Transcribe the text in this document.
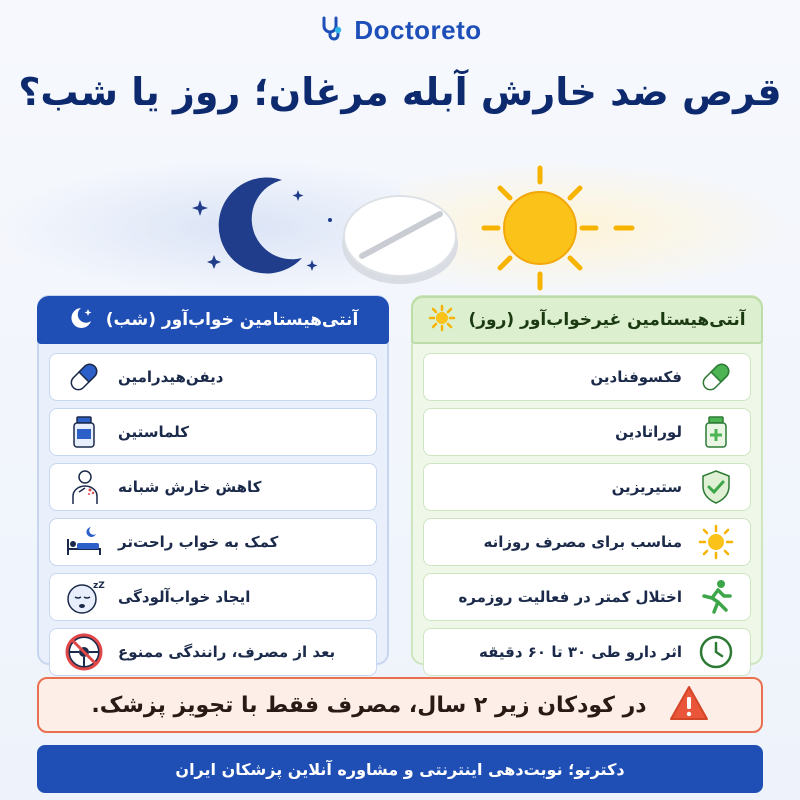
Doctoreto
قرص ضد خارش آبله مرغان؛ روز یا شب؟
آنتی‌هیستامین خواب‌آور (شب)
دیفن‌هیدرامین
کلماستین
کاهش خارش شبانه
کمک به خواب راحت‌تر
zZ
ایجاد خواب‌آلودگی
بعد از مصرف، رانندگی ممنوع
آنتی‌هیستامین غیرخواب‌آور (روز)
فکسوفنادین
لوراتادین
ستیریزین
مناسب برای مصرف روزانه
اختلال کمتر در فعالیت روزمره
اثر دارو طی ۳۰ تا ۶۰ دقیقه
در کودکان زیر ۲ سال، مصرف فقط با تجویز پزشک.
دکترتو؛ نوبت‌دهی اینترنتی و مشاوره آنلاین پزشکان ایران
